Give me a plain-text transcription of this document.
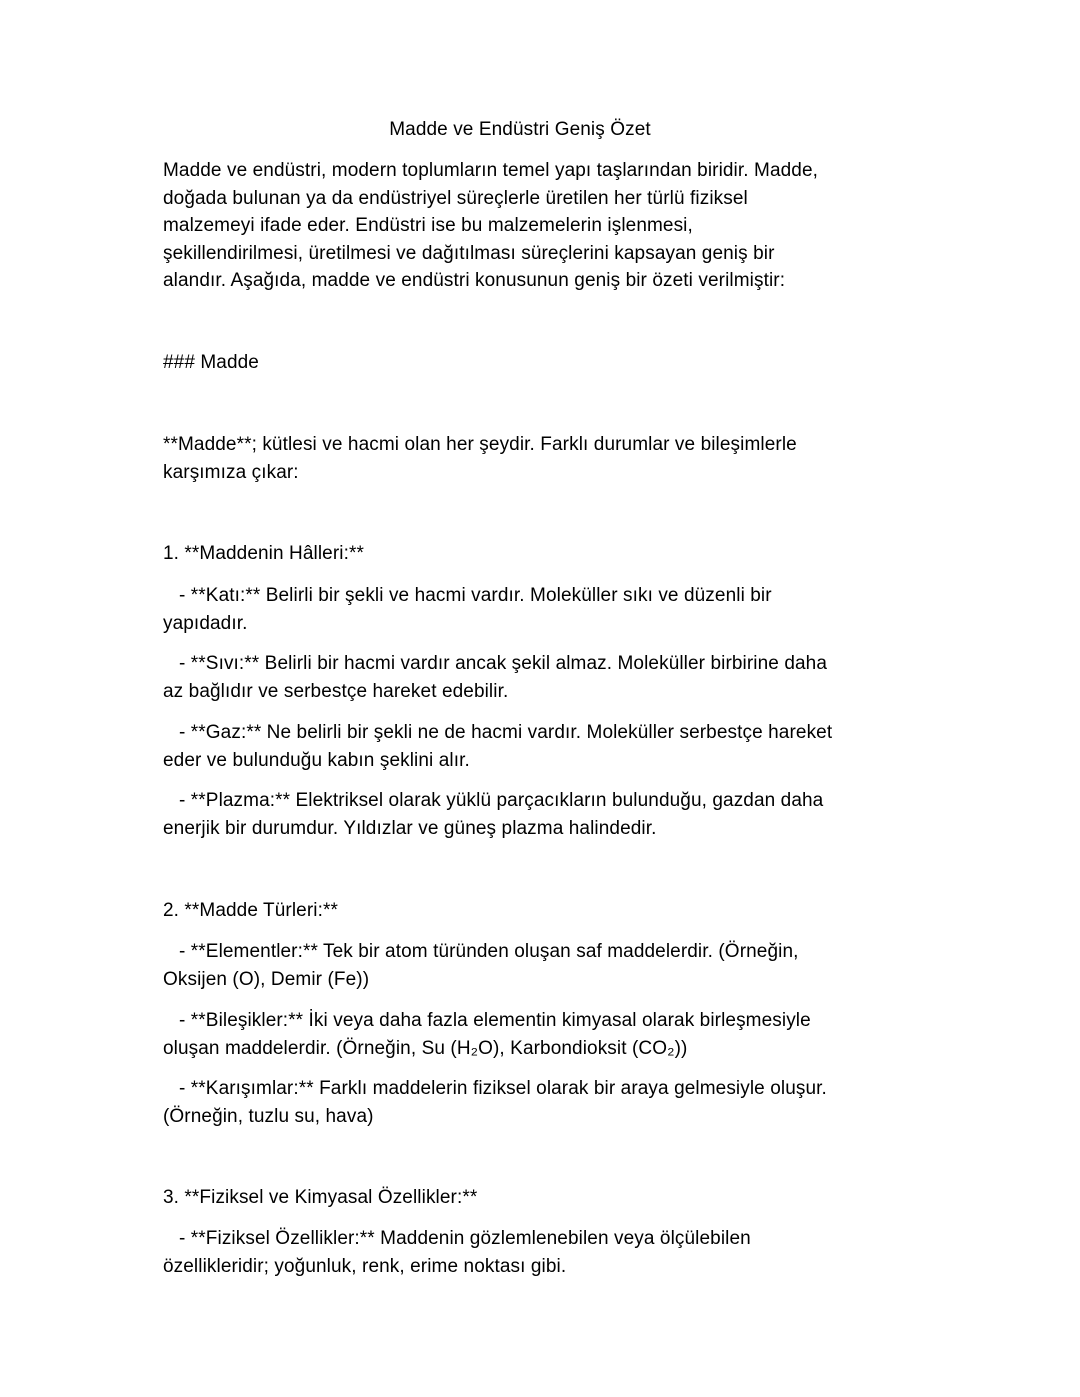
Madde ve Endüstri Geniş Özet
Madde ve endüstri, modern toplumların temel yapı taşlarından biridir. Madde,
doğada bulunan ya da endüstriyel süreçlerle üretilen her türlü fiziksel
malzemeyi ifade eder. Endüstri ise bu malzemelerin işlenmesi,
şekillendirilmesi, üretilmesi ve dağıtılması süreçlerini kapsayan geniş bir
alandır. Aşağıda, madde ve endüstri konusunun geniş bir özeti verilmiştir:
### Madde
**Madde**; kütlesi ve hacmi olan her şeydir. Farklı durumlar ve bileşimlerle
karşımıza çıkar:
1. **Maddenin Hâlleri:**
- **Katı:** Belirli bir şekli ve hacmi vardır. Moleküller sıkı ve düzenli bir
yapıdadır.
- **Sıvı:** Belirli bir hacmi vardır ancak şekil almaz. Moleküller birbirine daha
az bağlıdır ve serbestçe hareket edebilir.
- **Gaz:** Ne belirli bir şekli ne de hacmi vardır. Moleküller serbestçe hareket
eder ve bulunduğu kabın şeklini alır.
- **Plazma:** Elektriksel olarak yüklü parçacıkların bulunduğu, gazdan daha
enerjik bir durumdur. Yıldızlar ve güneş plazma halindedir.
2. **Madde Türleri:**
- **Elementler:** Tek bir atom türünden oluşan saf maddelerdir. (Örneğin,
Oksijen (O), Demir (Fe))
- **Bileşikler:** İki veya daha fazla elementin kimyasal olarak birleşmesiyle
oluşan maddelerdir. (Örneğin, Su (H₂O), Karbondioksit (CO₂))
- **Karışımlar:** Farklı maddelerin fiziksel olarak bir araya gelmesiyle oluşur.
(Örneğin, tuzlu su, hava)
3. **Fiziksel ve Kimyasal Özellikler:**
- **Fiziksel Özellikler:** Maddenin gözlemlenebilen veya ölçülebilen
özellikleridir; yoğunluk, renk, erime noktası gibi.
